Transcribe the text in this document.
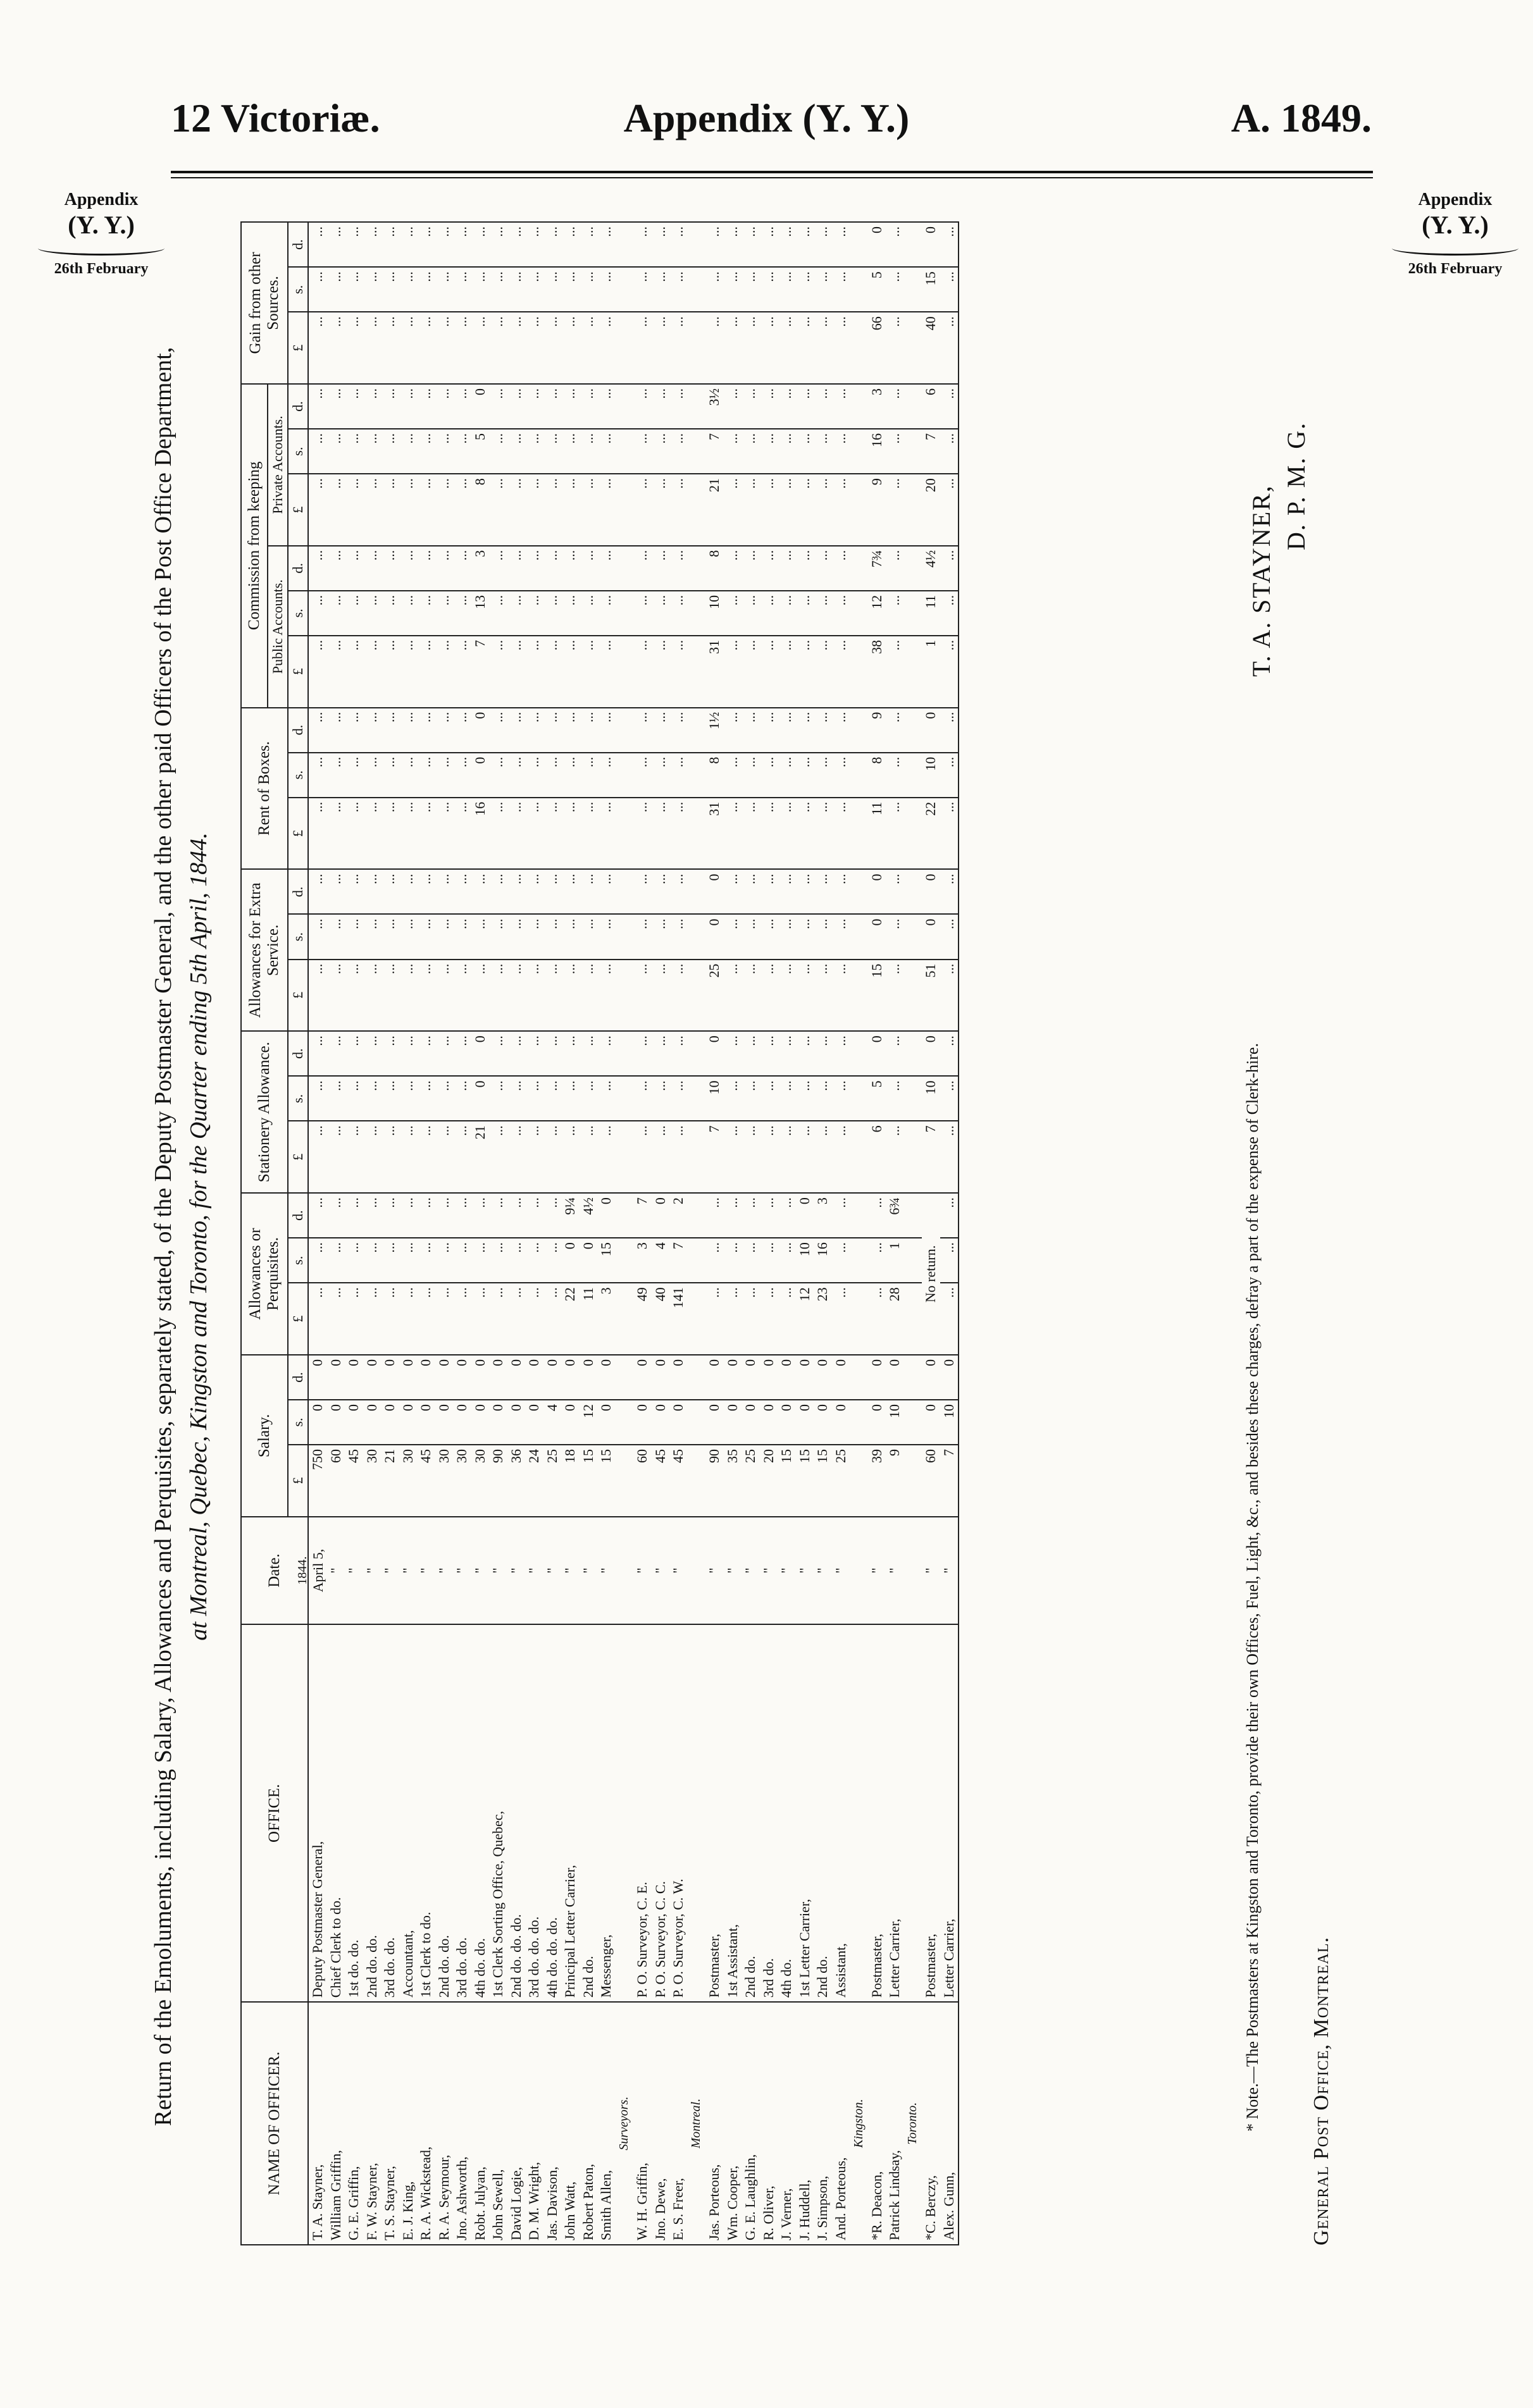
12 Victoriæ.	Appendix (Y. Y.)	A. 1849.
Appendix
(Y. Y.)
26th February
Appendix
(Y. Y.)
26th February
Return of the Emoluments, including Salary, Allowances and Perquisites, separately stated, of the Deputy Postmaster General, and the other paid Officers of the Post Office Department, at Montreal, Quebec, Kingston and Toronto, for the Quarter ending 5th April, 1844.
NAME OF OFFICER.	OFFICE.	Date.	Salary.			Allowances or Perquisites.			Stationery Allowance.			Allowances for Extra Service.			Rent of Boxes.			Commission from keeping						Gain from other Sources.		
																		Public Accounts.			Private Accounts.					
			£	s.	d.	£	s.	d.	£	s.	d.	£	s.	d.	£	s.	d.	£	s.	d.	£	s.	d.	£	s.	d.
T. A. Stayner,	Deputy Postmaster General,	1844. April 5,	750	0	0	...	...	...	...	...	...	...	...	...	...	...	...	...	...	...	...	...	...	...	...	...
William Griffin,	Chief Clerk to do.	"	60	0	0	...	...	...	...	...	...	...	...	...	...	...	...	...	...	...	...	...	...	...	...	...
G. E. Griffin,	1st do. do.	"	45	0	0	...	...	...	...	...	...	...	...	...	...	...	...	...	...	...	...	...	...	...	...	...
F. W. Stayner,	2nd do. do.	"	30	0	0	...	...	...	...	...	...	...	...	...	...	...	...	...	...	...	...	...	...	...	...	...
T. S. Stayner,	3rd do. do.	"	21	0	0	...	...	...	...	...	...	...	...	...	...	...	...	...	...	...	...	...	...	...	...	...
E. J. King,	Accountant,	"	30	0	0	...	...	...	...	...	...	...	...	...	...	...	...	...	...	...	...	...	...	...	...	...
R. A. Wickstead,	1st Clerk to do.	"	45	0	0	...	...	...	...	...	...	...	...	...	...	...	...	...	...	...	...	...	...	...	...	...
R. A. Seymour,	2nd do. do.	"	30	0	0	...	...	...	...	...	...	...	...	...	...	...	...	...	...	...	...	...	...	...	...	...
Jno. Ashworth,	3rd do. do.	"	30	0	0	...	...	...	...	...	...	...	...	...	...	...	...	...	...	...	...	...	...	...	...	...
Robt. Julyan,	4th do. do.	"	30	0	0	...	...	...	21	0	0	...	...	...	16	0	0	7	13	3	8	5	0	...	...	...
John Sewell,	1st Clerk Sorting Office, Quebec,	"	90	0	0	...	...	...	...	...	...	...	...	...	...	...	...	...	...	...	...	...	...	...	...	...
David Logie,	2nd do. do. do.	"	36	0	0	...	...	...	...	...	...	...	...	...	...	...	...	...	...	...	...	...	...	...	...	...
D. M. Wright,	3rd do. do. do.	"	24	0	0	...	...	...	...	...	...	...	...	...	...	...	...	...	...	...	...	...	...	...	...	...
Jas. Davison,	4th do. do. do.	"	25	4	0	...	...	...	...	...	...	...	...	...	...	...	...	...	...	...	...	...	...	...	...	...
John Watt,	Principal Letter Carrier,	"	18	0	0	22	0	9¼	...	...	...	...	...	...	...	...	...	...	...	...	...	...	...	...	...	...
Robert Paton,	2nd do.	"	15	12	0	11	0	4½	...	...	...	...	...	...	...	...	...	...	...	...	...	...	...	...	...	...
Smith Allen,	Messenger,	"	15	0	0	3	15	0	...	...	...	...	...	...	...	...	...	...	...	...	...	...	...	...	...	...
Surveyors.																										
W. H. Griffin,	P. O. Surveyor, C. E.	"	60	0	0	49	3	7	...	...	...	...	...	...	...	...	...	...	...	...	...	...	...	...	...	...
Jno. Dewe,	P. O. Surveyor, C. C.	"	45	0	0	40	4	0	...	...	...	...	...	...	...	...	...	...	...	...	...	...	...	...	...	...
E. S. Freer,	P. O. Surveyor, C. W.	"	45	0	0	141	7	2	...	...	...	...	...	...	...	...	...	...	...	...	...	...	...	...	...	...
Montreal.																										
Jas. Porteous,	Postmaster,	"	90	0	0	...	...	...	7	10	0	25	0	0	31	8	1½	31	10	8	21	7	3½	...	...	...
Wm. Cooper,	1st Assistant,	"	35	0	0	...	...	...	...	...	...	...	...	...	...	...	...	...	...	...	...	...	...	...	...	...
G. E. Laughlin,	2nd do.	"	25	0	0	...	...	...	...	...	...	...	...	...	...	...	...	...	...	...	...	...	...	...	...	...
R. Oliver,	3rd do.	"	20	0	0	...	...	...	...	...	...	...	...	...	...	...	...	...	...	...	...	...	...	...	...	...
J. Verner,	4th do.	"	15	0	0	...	...	...	...	...	...	...	...	...	...	...	...	...	...	...	...	...	...	...	...	...
J. Huddell,	1st Letter Carrier,	"	15	0	0	12	10	0	...	...	...	...	...	...	...	...	...	...	...	...	...	...	...	...	...	...
J. Simpson,	2nd do.	"	15	0	0	23	16	3	...	...	...	...	...	...	...	...	...	...	...	...	...	...	...	...	...	...
And. Porteous,	Assistant,	"	25	0	0	...	...	...	...	...	...	...	...	...	...	...	...	...	...	...	...	...	...	...	...	...
Kingston.																										
*R. Deacon,	Postmaster,	"	39	0	0	...	...	...	6	5	0	15	0	0	11	8	9	38	12	7¾	9	16	3	66	5	0
Patrick Lindsay,	Letter Carrier,	"	9	10	0	28	1	6¾	...	...	...	...	...	...	...	...	...	...	...	...	...	...	...	...	...	...
Toronto.																										
*C. Berczy,	Postmaster,	"	60	0	0	No return.			7	10	0	51	0	0	22	10	0	1	11	4½	20	7	6	40	15	0
Alex. Gunn,	Letter Carrier,	"	7	10	0	...	...	...	...	...	...	...	...	...	...	...	...	...	...	...	...	...	...	...	...	...
* Note.—The Postmasters at Kingston and Toronto, provide their own Offices, Fuel, Light, &c., and besides these charges, defray a part of the expense of Clerk-hire. General Post Office, Montreal.
T. A. STAYNER, D. P. M. G.
